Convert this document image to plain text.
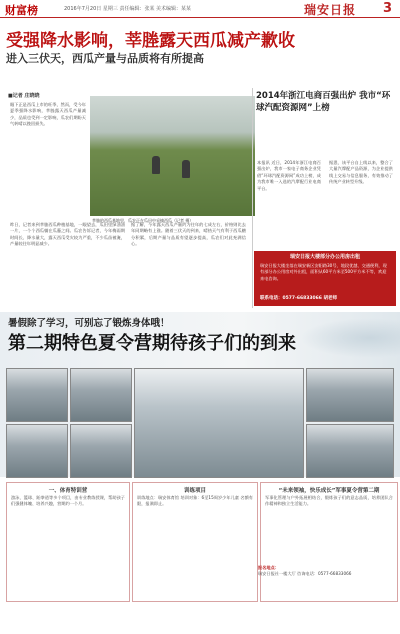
财富榜	2016年7月20日 星期三 责任编辑：张某 美术编辑：某某	瑞安日报 3
受强降水影响，莘塍露天西瓜减产歉收
进入三伏天，西瓜产量与品质将有所提高
■记者 庄晓晓
眼下正是西瓜上市的旺季，然而，受今年夏季强降水影响，莘塍露天西瓜产量减少，品质也受到一定影响，瓜农们期盼天气转晴以挽回损失。
莘塍的西瓜基地里，瓜农正在瓜田中采摘西瓜（记者 摄）
昨日，记者来到莘塍西瓜种植基地，一眼望去，瓜田里绿油油一片，一个个西瓜躺在瓜藤之间。瓜农告诉记者，今年梅雨期时间长、降水量大，露天西瓜受灾较为严重，不少瓜苗被淹，产量较往年明显减少。
据了解，今年露天西瓜产量约为往年的七成左右，价格则比去年同期略有上涨。随着三伏天的到来，晴热天气有利于西瓜糖分积累，后期产量与品质有望逐步提高，瓜农们对此充满信心。
2014年浙江电商百强出炉 我市“环球汽配资源网”上榜
本报讯 近日，2014年浙江电商百强出炉，我市一家电子商务企业凭借“环球汽配资源网”成功上榜，成为我市唯一入选的汽摩配行业电商平台。
据悉，该平台自上线以来，整合了大量汽摩配产品资源，为企业提供线上交易与信息服务，有效推动了传统产业转型升级。
瑞安日报大楼部分办公用房出租
瑞安日报大楼坐落在瑞安新区安阳路30号，地段优越、交通便利，现有部分办公用房对外出租，面积从60平方米至500平方米不等，欢迎来电咨询。
联系电话：0577-66833066 胡老师
暑假除了学习，可别忘了锻炼身体哦！
第二期特色夏令营期待孩子们的到来
一、体育特训营
游泳、篮球、跆拳道等多个项目，由专业教练授课，帮助孩子们强健体魄、培养兴趣，营期约一个月。
训练项目
训练地点：瑞安体育馆 培训对象：6至15周岁少年儿童 名额有限，报满即止。
“未来领袖，快乐成长”军事夏令营第二期
军事化管理与户外拓展相结合，锻炼孩子们的意志品质，培养团队合作精神和独立生活能力。
报名地点：
瑞安日报社一楼大厅 咨询电话：0577-66833066
